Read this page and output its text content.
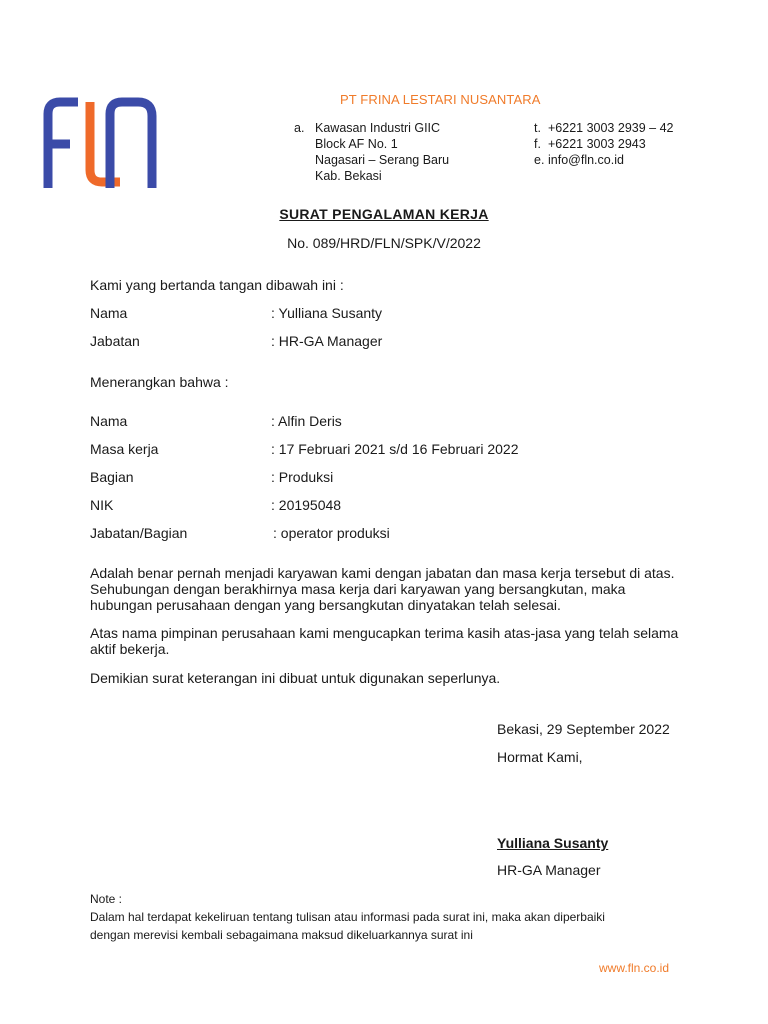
PT FRINA LESTARI NUSANTARA
a. Kawasan Industri GIIC
Block AF No. 1
Nagasari – Serang Baru
Kab. Bekasi
t. +6221 3003 2939 – 42
f. +6221 3003 2943
e. info@fln.co.id
SURAT PENGALAMAN KERJA
No. 089/HRD/FLN/SPK/V/2022
Kami yang bertanda tangan dibawah ini :
Nama	: Yulliana Susanty
Jabatan	: HR-GA Manager
Menerangkan bahwa :
Nama	: Alfin Deris
Masa kerja	: 17 Februari 2021 s/d 16 Februari 2022
Bagian	: Produksi
NIK	: 20195048
Jabatan/Bagian	: operator produksi
Adalah benar pernah menjadi karyawan kami dengan jabatan dan masa kerja tersebut di atas.
Sehubungan dengan berakhirnya masa kerja dari karyawan yang bersangkutan, maka
hubungan perusahaan dengan yang bersangkutan dinyatakan telah selesai.
Atas nama pimpinan perusahaan kami mengucapkan terima kasih atas-jasa yang telah selama
aktif bekerja.
Demikian surat keterangan ini dibuat untuk digunakan seperlunya.
Bekasi, 29 September 2022
Hormat Kami,
Yulliana Susanty
HR-GA Manager
Note :
Dalam hal terdapat kekeliruan tentang tulisan atau informasi pada surat ini, maka akan diperbaiki
dengan merevisi kembali sebagaimana maksud dikeluarkannya surat ini
www.fln.co.id
